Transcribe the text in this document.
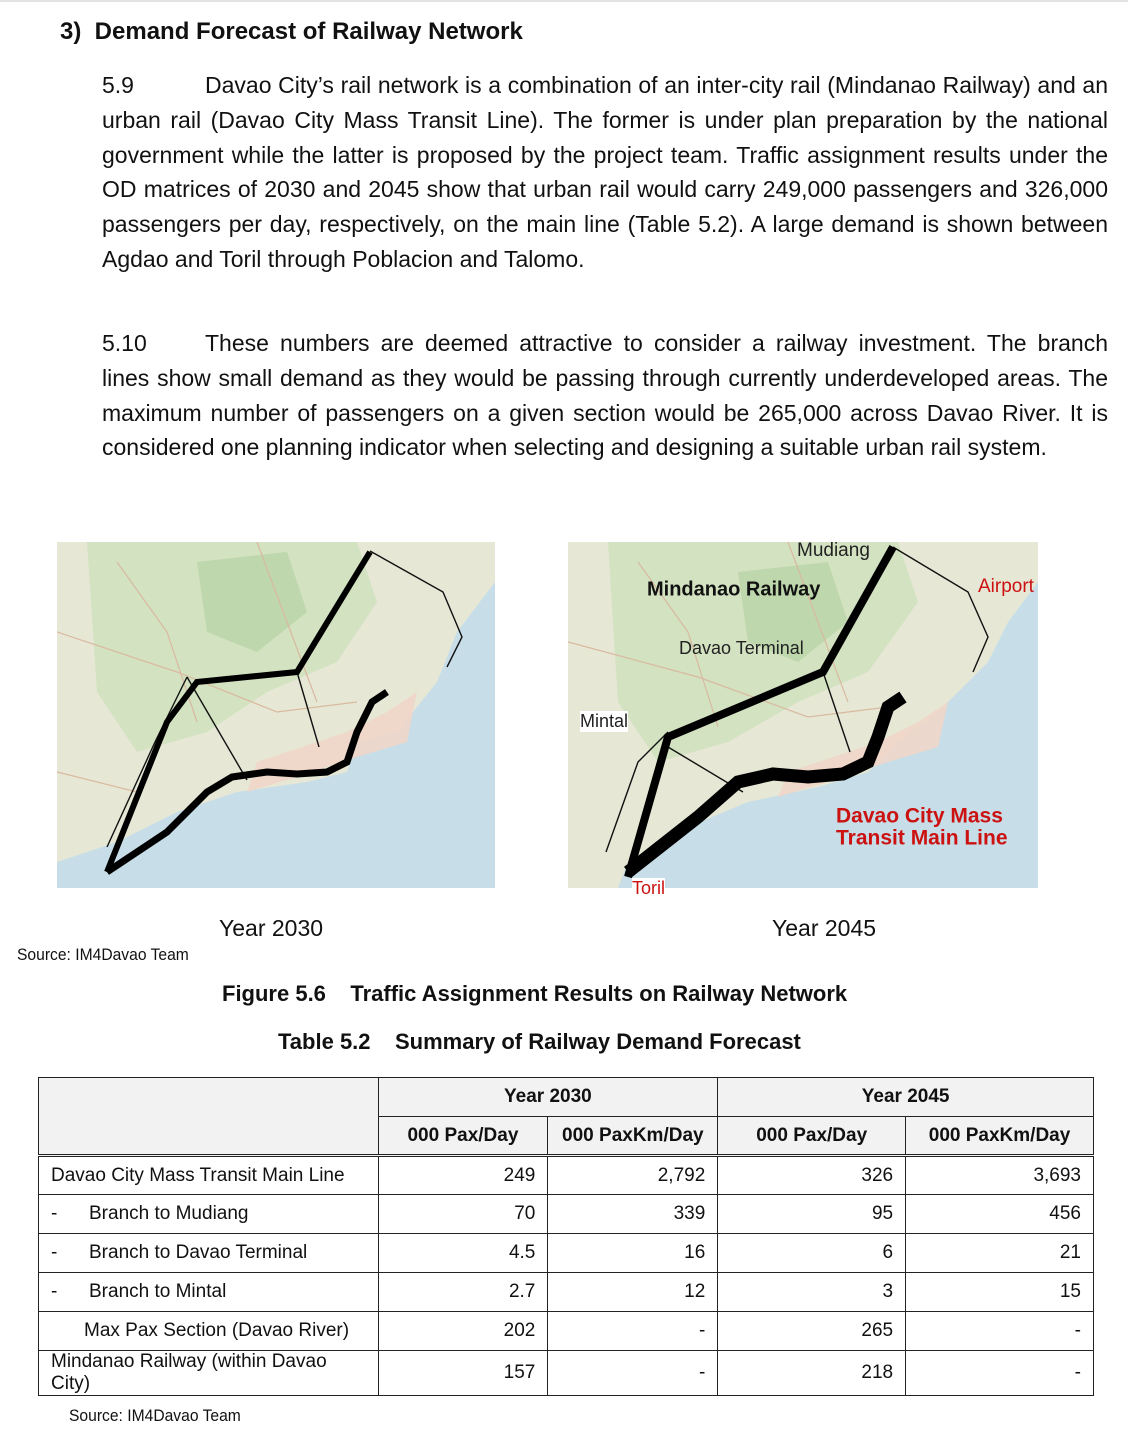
3)  Demand Forecast of Railway Network
5.9	Davao City’s rail network is a combination of an inter-city rail (Mindanao Railway) and an urban rail (Davao City Mass Transit Line). The former is under plan preparation by the national government while the latter is proposed by the project team. Traffic assignment results under the OD matrices of 2030 and 2045 show that urban rail would carry 249,000 passengers and 326,000 passengers per day, respectively, on the main line (Table 5.2). A large demand is shown between Agdao and Toril through Poblacion and Talomo.
5.10	These numbers are deemed attractive to consider a railway investment. The branch lines show small demand as they would be passing through currently underdeveloped areas. The maximum number of passengers on a given section would be 265,000 across Davao River. It is considered one planning indicator when selecting and designing a suitable urban rail system.
Mudiang
Mindanao Railway	Airport
Davao Terminal
Davao City Mass
Transit Main Line
Mintal
Toril
Year 2030	Year 2045
Source: IM4Davao Team
Figure 5.6    Traffic Assignment Results on Railway Network
Table 5.2    Summary of Railway Demand Forecast
	Year 2030		Year 2045	
	000 Pax/Day	000 PaxKm/Day	000 Pax/Day	000 PaxKm/Day
Davao City Mass Transit Main Line	249	2,792	326	3,693
- Branch to Mudiang	70	339	95	456
- Branch to Davao Terminal	4.5	16	6	21
- Branch to Mintal	2.7	12	3	15
Max Pax Section (Davao River)	202	-	265	-
Mindanao Railway (within Davao City)	157	-	218	-
Source: IM4Davao Team
